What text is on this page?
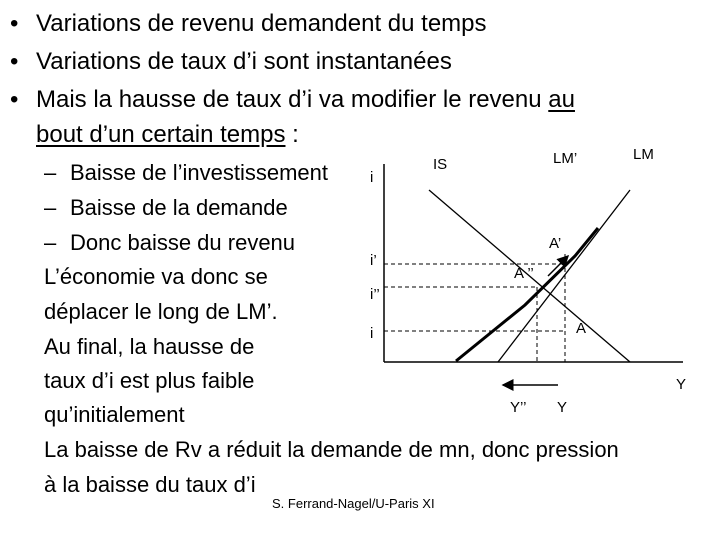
• Variations de revenu demandent du temps
• Variations de taux d’i sont instantanées
• Mais la hausse de taux d’i va modifier le revenu au
bout d’un certain temps :
– Baisse de l’investissement
– Baisse de la demande
– Donc baisse du revenu
L’économie va donc se
déplacer le long de LM’.
Au final, la hausse de
taux d’i est plus faible
qu’initialement
La baisse de Rv a réduit la demande de mn, donc pression
à la baisse du taux d’i
S. Ferrand-Nagel/U-Paris XI
i
IS	LM’	LM
A’
i’
A ’’
i’’
A
i
Y
Y’’ Y
